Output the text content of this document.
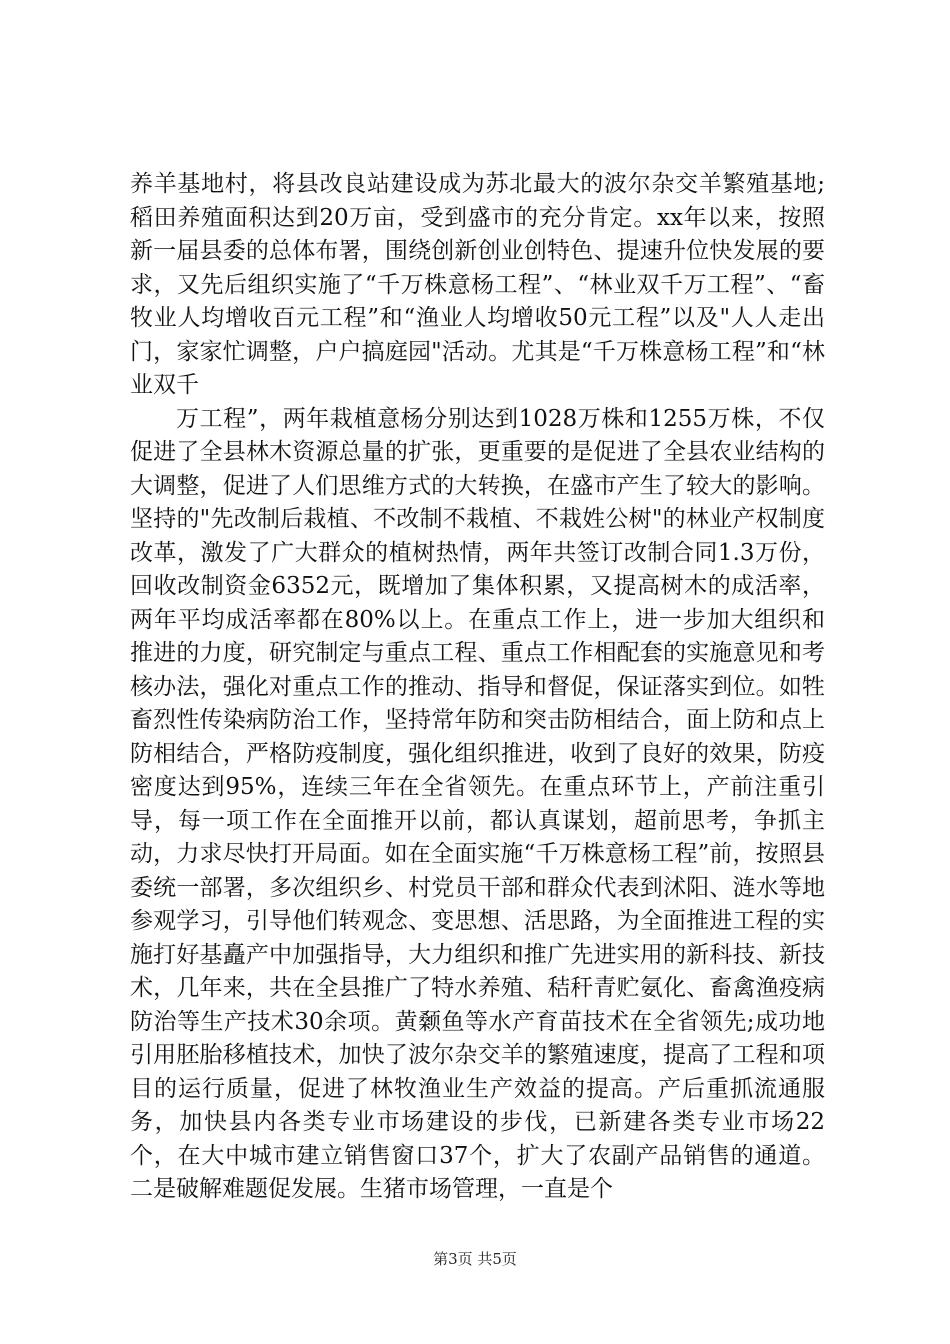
养羊基地村，将县改良站建设成为苏北最大的波尔杂交羊繁殖基地;稻田养殖面积达到20万亩，受到盛市的充分肯定。xx年以来，按照新一届县委的总体布署，围绕创新创业创特色、提速升位快发展的要求，又先后组织实施了“千万株意杨工程”、“林业双千万工程”、“畜牧业人均增收百元工程”和“渔业人均增收50元工程”以及"人人走出门，家家忙调整，户户搞庭园"活动。尤其是“千万株意杨工程”和“林业双千

万工程”，两年栽植意杨分别达到1028万株和1255万株，不仅促进了全县林木资源总量的扩张，更重要的是促进了全县农业结构的大调整，促进了人们思维方式的大转换，在盛市产生了较大的影响。坚持的"先改制后栽植、不改制不栽植、不栽姓公树"的林业产权制度改革，激发了广大群众的植树热情，两年共签订改制合同1.3万份，回收改制资金6352元，既增加了集体积累，又提高树木的成活率，两年平均成活率都在80%以上。在重点工作上，进一步加大组织和推进的力度，研究制定与重点工程、重点工作相配套的实施意见和考核办法，强化对重点工作的推动、指导和督促，保证落实到位。如牲畜烈性传染病防治工作，坚持常年防和突击防相结合，面上防和点上防相结合，严格防疫制度，强化组织推进，收到了良好的效果，防疫密度达到95%，连续三年在全省领先。在重点环节上，产前注重引导，每一项工作在全面推开以前，都认真谋划，超前思考，争抓主动，力求尽快打开局面。如在全面实施“千万株意杨工程”前，按照县委统一部署，多次组织乡、村党员干部和群众代表到沭阳、涟水等地参观学习，引导他们转观念、变思想、活思路，为全面推进工程的实施打好基矗产中加强指导，大力组织和推广先进实用的新科技、新技术，几年来，共在全县推广了特水养殖、秸秆青贮氨化、畜禽渔疫病防治等生产技术30余项。黄颡鱼等水产育苗技术在全省领先;成功地引用胚胎移植技术，加快了波尔杂交羊的繁殖速度，提高了工程和项目的运行质量，促进了林牧渔业生产效益的提高。产后重抓流通服务，加快县内各类专业市场建设的步伐，已新建各类专业市场22个，在大中城市建立销售窗口37个，扩大了农副产品销售的通道。二是破解难题促发展。生猪市场管理，一直是个

第3页 共5页
